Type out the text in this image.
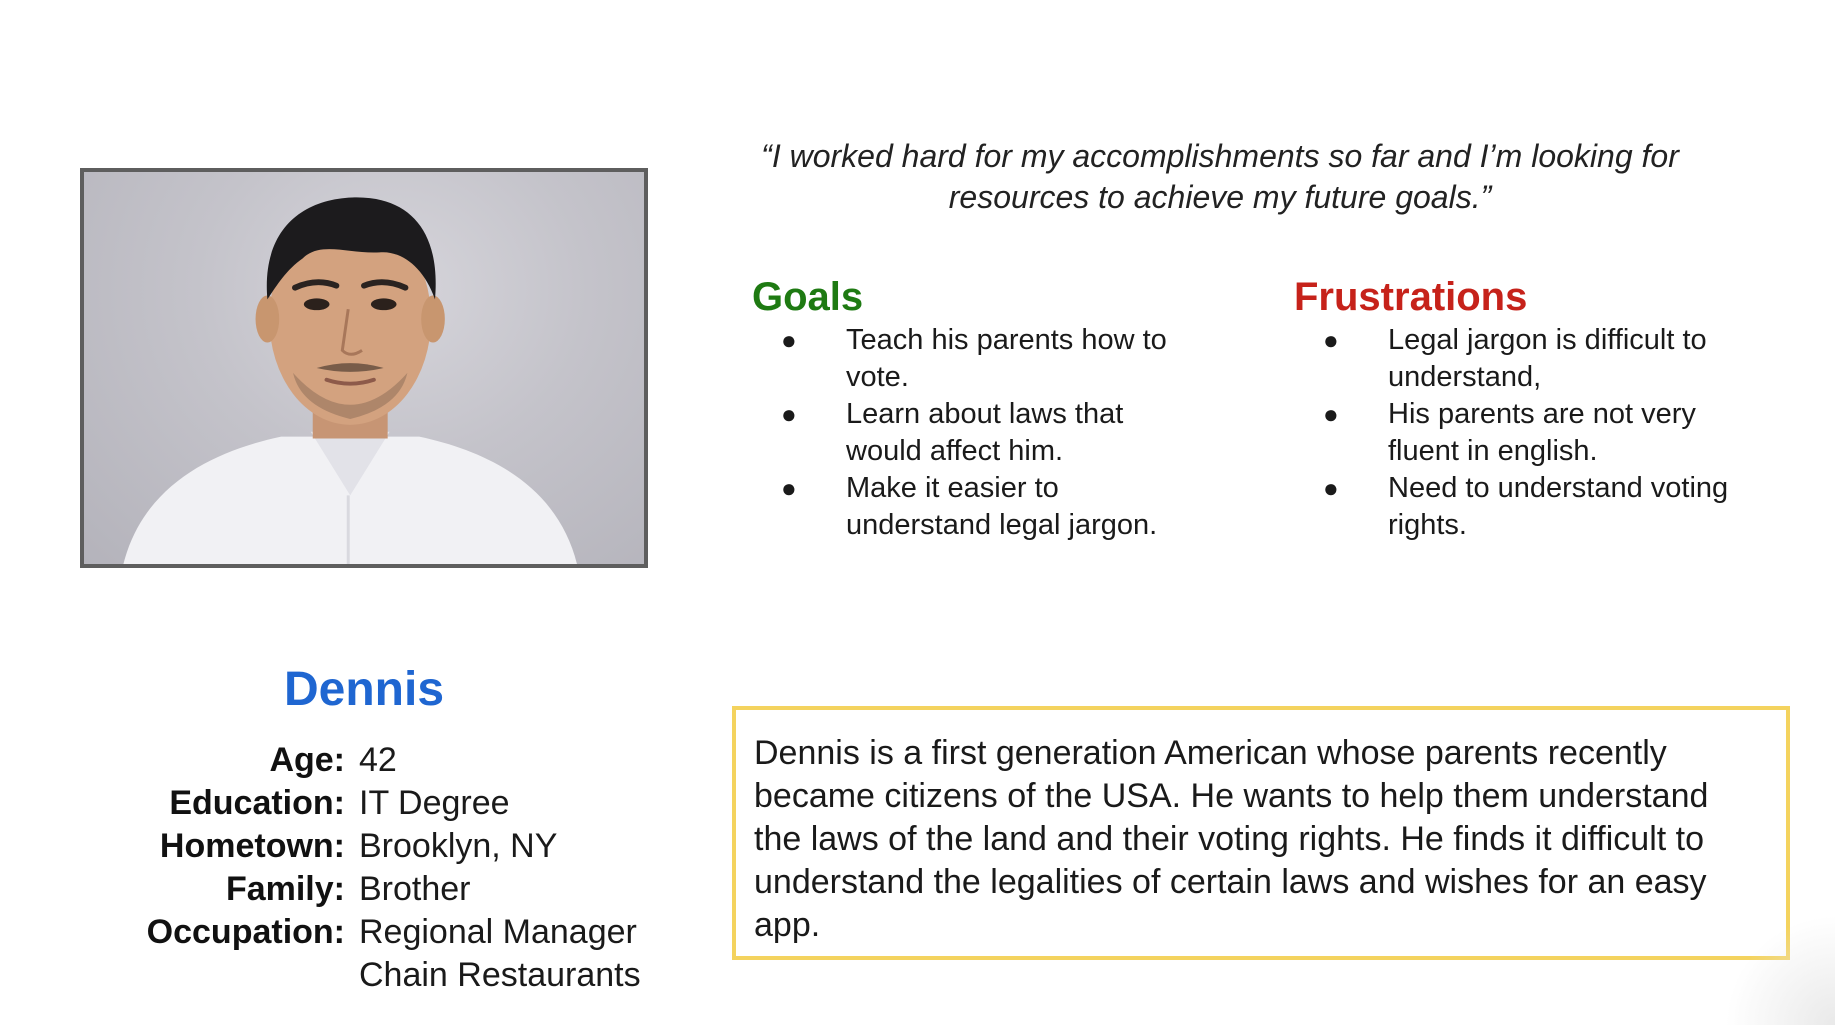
“I worked hard for my accomplishments so far and I’m looking for
resources to achieve my future goals.”
Goals
● Teach his parents how to vote.
● Learn about laws that would affect him.
● Make it easier to understand legal jargon.
Frustrations
● Legal jargon is difficult to understand,
● His parents are not very fluent in english.
● Need to understand voting rights.
Dennis
Age: 42
Education: IT Degree
Hometown: Brooklyn, NY
Family: Brother
Occupation: Regional Manager
Chain Restaurants
Dennis is a first generation American whose parents recently became citizens of the USA. He wants to help them understand the laws of the land and their voting rights. He finds it difficult to understand the legalities of certain laws and wishes for an easy app.
